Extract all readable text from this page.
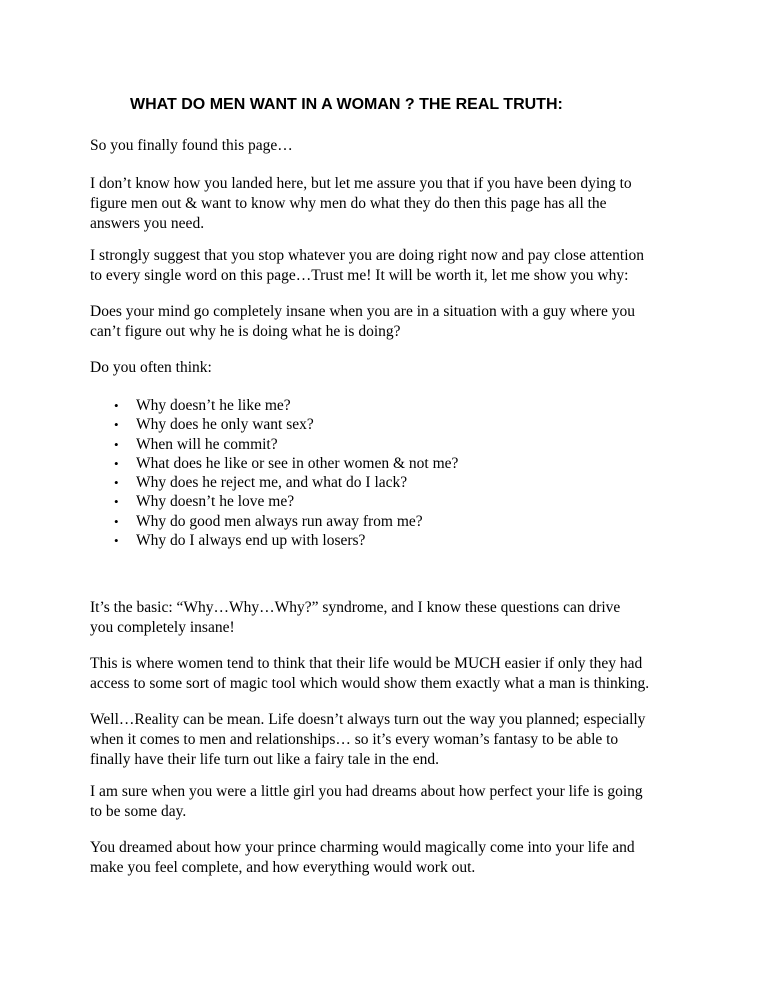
WHAT DO MEN WANT IN A WOMAN ? THE REAL TRUTH:

So you finally found this page…

I don’t know how you landed here, but let me assure you that if you have been dying to
figure men out & want to know why men do what they do then this page has all the
answers you need.

I strongly suggest that you stop whatever you are doing right now and pay close attention
to every single word on this page…Trust me! It will be worth it, let me show you why:

Does your mind go completely insane when you are in a situation with a guy where you
can’t figure out why he is doing what he is doing?

Do you often think:

• Why doesn’t he like me?
• Why does he only want sex?
• When will he commit?
• What does he like or see in other women & not me?
• Why does he reject me, and what do I lack?
• Why doesn’t he love me?
• Why do good men always run away from me?
• Why do I always end up with losers?

It’s the basic: “Why…Why…Why?” syndrome, and I know these questions can drive
you completely insane!

This is where women tend to think that their life would be MUCH easier if only they had
access to some sort of magic tool which would show them exactly what a man is thinking.

Well…Reality can be mean. Life doesn’t always turn out the way you planned; especially
when it comes to men and relationships… so it’s every woman’s fantasy to be able to
finally have their life turn out like a fairy tale in the end.

I am sure when you were a little girl you had dreams about how perfect your life is going
to be some day.

You dreamed about how your prince charming would magically come into your life and
make you feel complete, and how everything would work out.
